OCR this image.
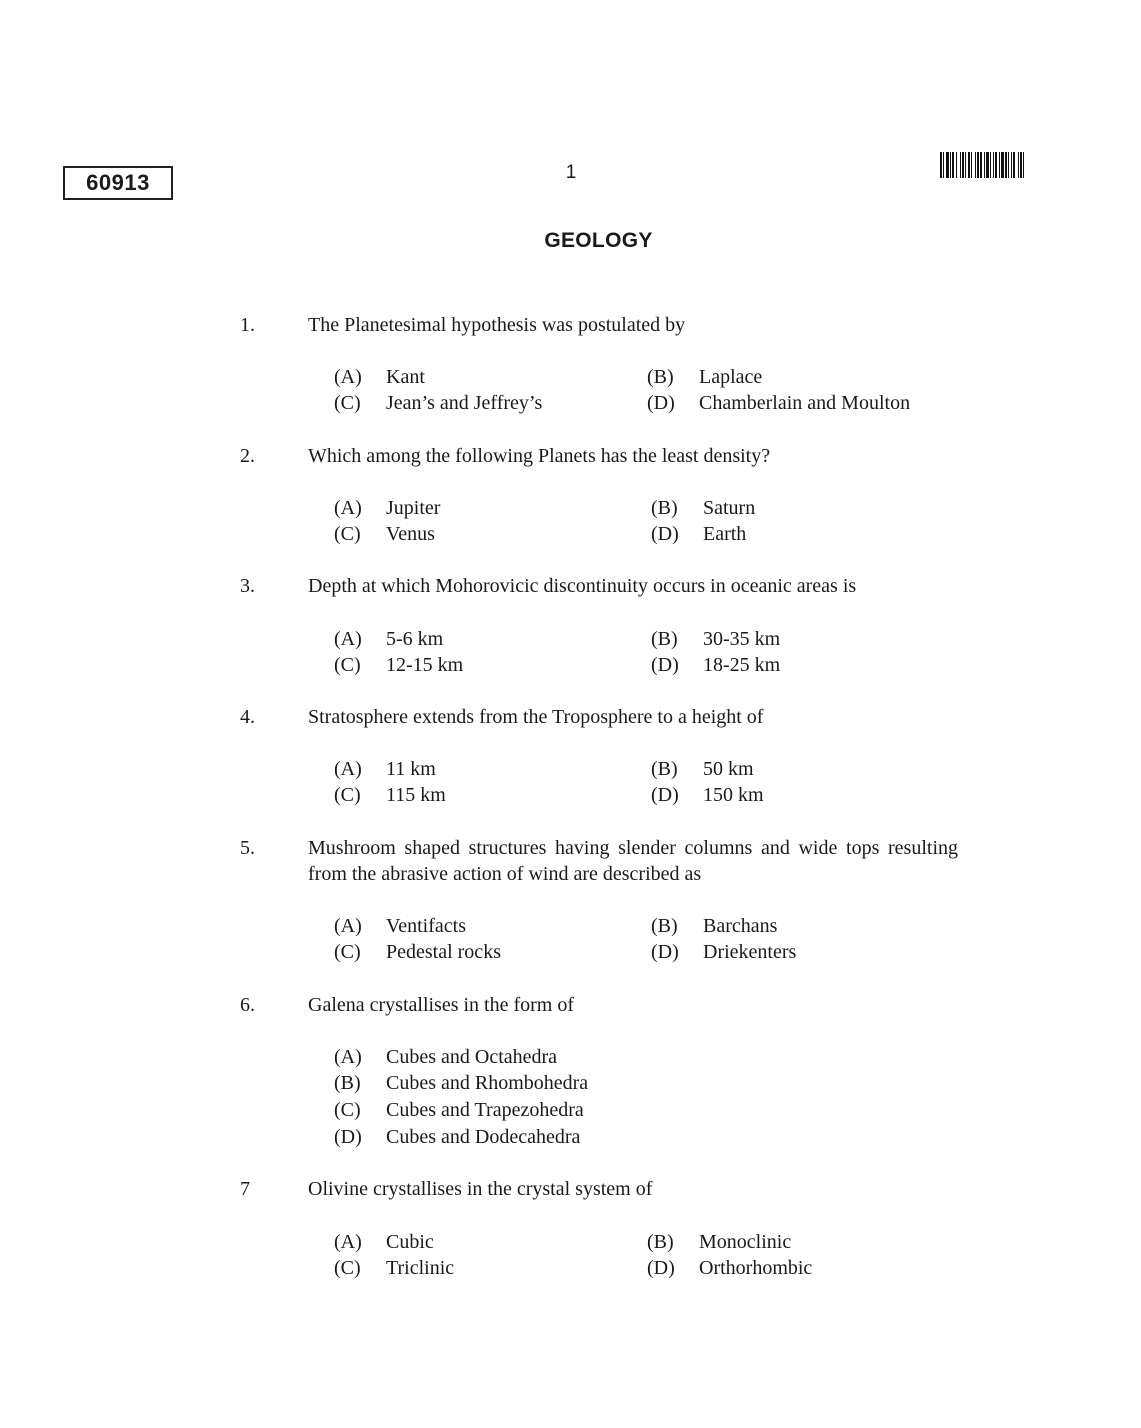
60913	1
GEOLOGY
1.	The Planetesimal hypothesis was postulated by
(A) Kant	(B) Laplace
(C) Jean’s and Jeffrey’s	(D) Chamberlain and Moulton
2.	Which among the following Planets has the least density?
(A) Jupiter	(B) Saturn
(C) Venus	(D) Earth
3.	Depth at which Mohorovicic discontinuity occurs in oceanic areas is
(A) 5-6 km	(B) 30-35 km
(C) 12-15 km	(D) 18-25 km
4.	Stratosphere extends from the Troposphere to a height of
(A) 11 km	(B) 50 km
(C) 115 km	(D) 150 km
5.	Mushroom shaped structures having slender columns and wide tops resulting from the abrasive action of wind are described as
(A) Ventifacts	(B) Barchans
(C) Pedestal rocks	(D) Driekenters
6.	Galena crystallises in the form of
(A) Cubes and Octahedra
(B) Cubes and Rhombohedra
(C) Cubes and Trapezohedra
(D) Cubes and Dodecahedra
7	Olivine crystallises in the crystal system of
(A) Cubic	(B) Monoclinic
(C) Triclinic	(D) Orthorhombic
